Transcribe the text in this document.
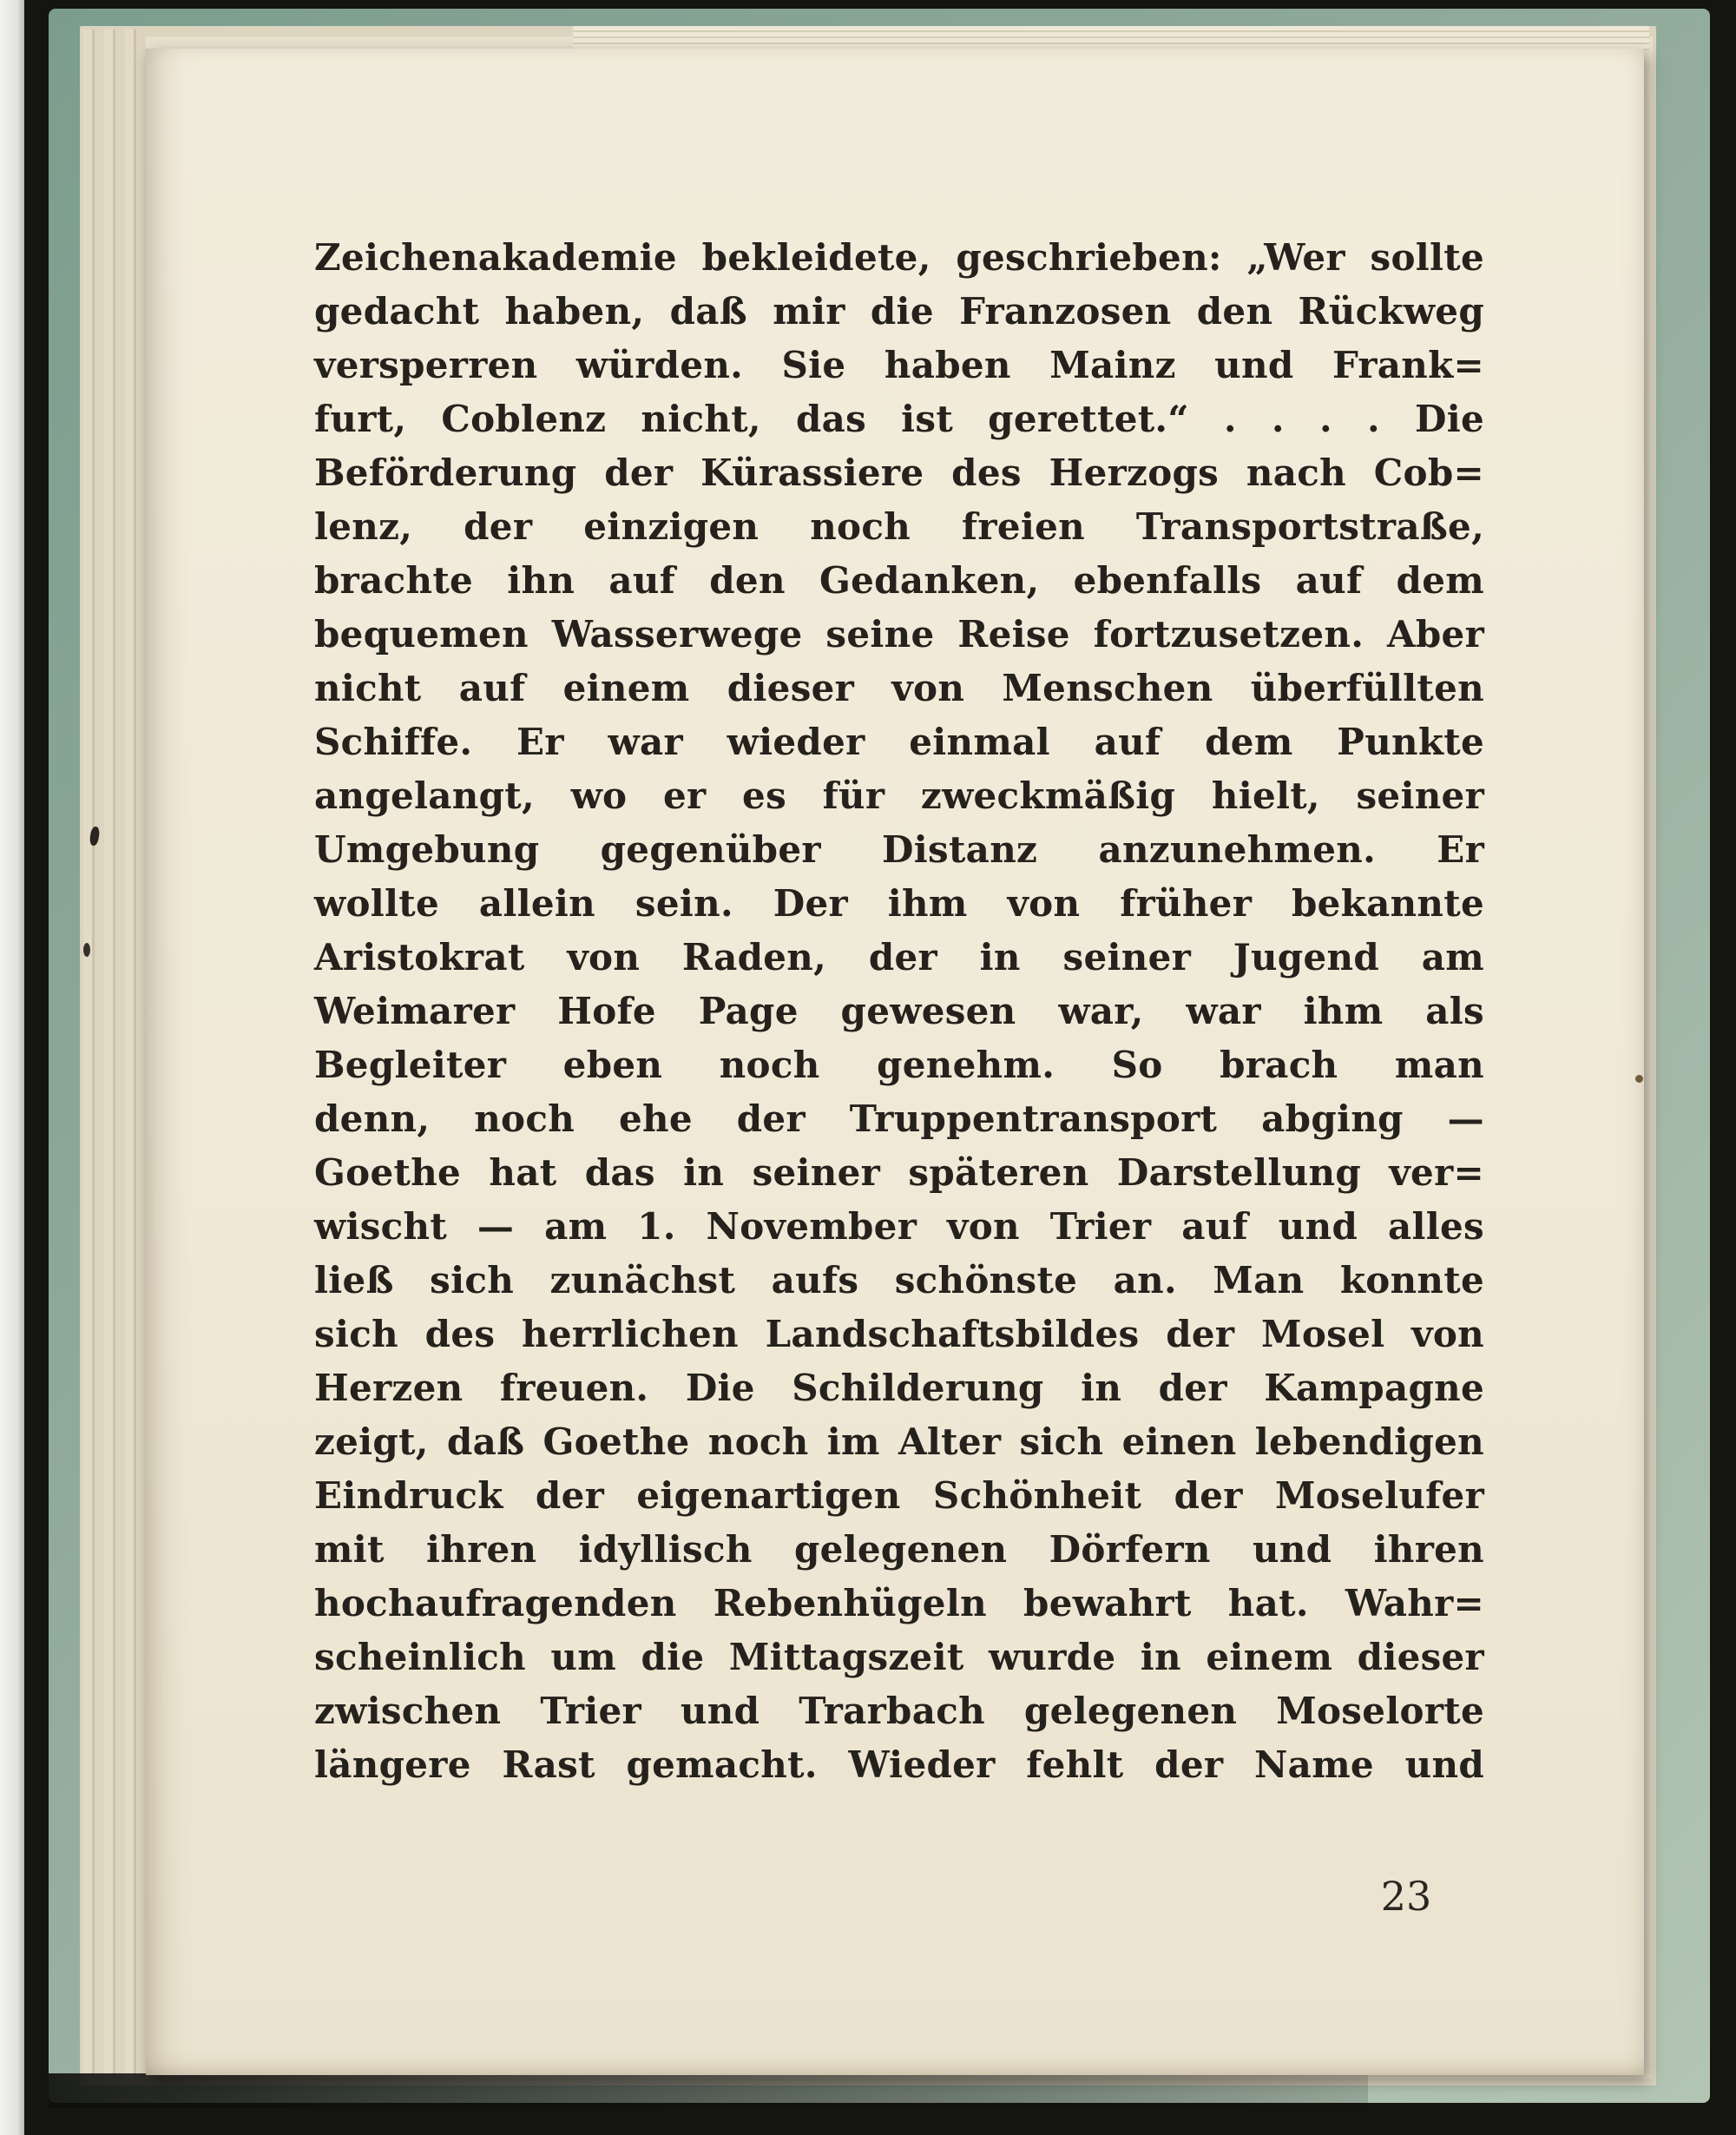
Zeichenakademie bekleidete, geschrieben: „Wer sollte
gedacht haben, daß mir die Franzosen den Rückweg
versperren würden. Sie haben Mainz und Frank=
furt, Coblenz nicht, das ist gerettet.“ . . . . Die
Beförderung der Kürassiere des Herzogs nach Cob=
lenz, der einzigen noch freien Transportstraße,
brachte ihn auf den Gedanken, ebenfalls auf dem
bequemen Wasserwege seine Reise fortzusetzen. Aber
nicht auf einem dieser von Menschen überfüllten
Schiffe. Er war wieder einmal auf dem Punkte
angelangt, wo er es für zweckmäßig hielt, seiner
Umgebung gegenüber Distanz anzunehmen. Er
wollte allein sein. Der ihm von früher bekannte
Aristokrat von Raden, der in seiner Jugend am
Weimarer Hofe Page gewesen war, war ihm als
Begleiter eben noch genehm. So brach man
denn, noch ehe der Truppentransport abging —
Goethe hat das in seiner späteren Darstellung ver=
wischt — am 1. November von Trier auf und alles
ließ sich zunächst aufs schönste an. Man konnte
sich des herrlichen Landschaftsbildes der Mosel von
Herzen freuen. Die Schilderung in der Kampagne
zeigt, daß Goethe noch im Alter sich einen lebendigen
Eindruck der eigenartigen Schönheit der Moselufer
mit ihren idyllisch gelegenen Dörfern und ihren
hochaufragenden Rebenhügeln bewahrt hat. Wahr=
scheinlich um die Mittagszeit wurde in einem dieser
zwischen Trier und Trarbach gelegenen Moselorte
längere Rast gemacht. Wieder fehlt der Name und
23
